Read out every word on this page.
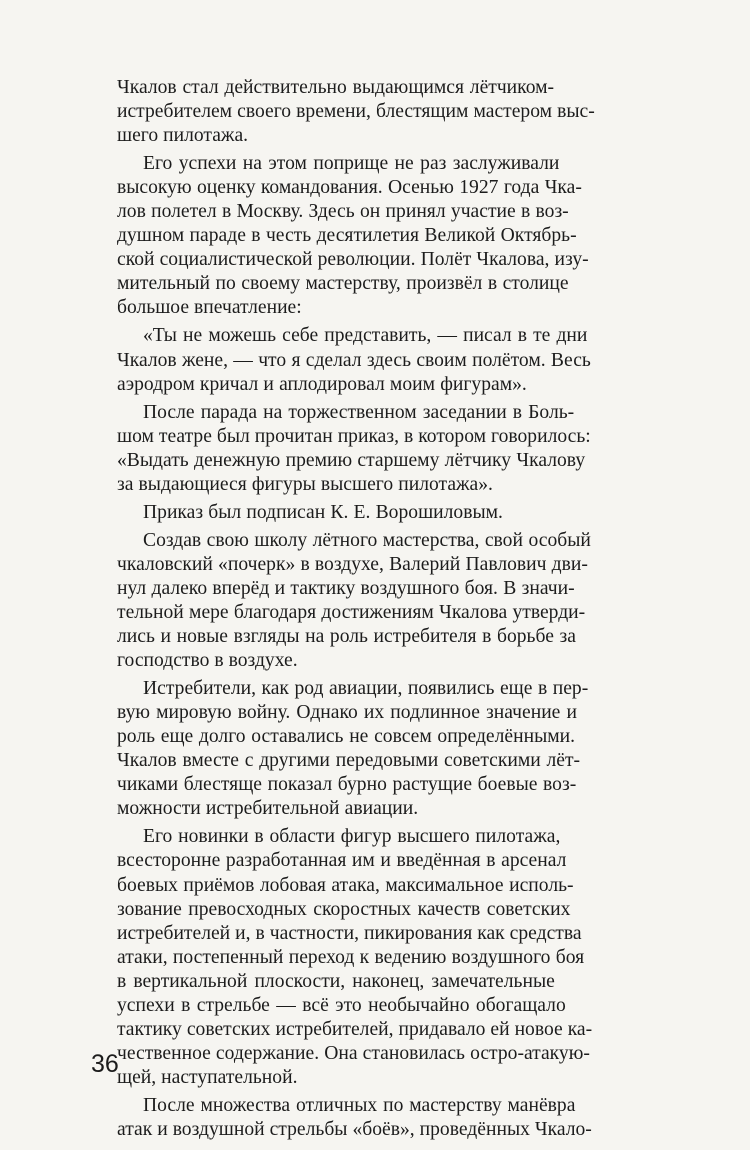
Чкалов стал действительно выдающимся лётчиком-
истребителем своего времени, блестящим мастером выс-
шего пилотажа.
Его успехи на этом поприще не раз заслуживали
высокую оценку командования. Осенью 1927 года Чка-
лов полетел в Москву. Здесь он принял участие в воз-
душном параде в честь десятилетия Великой Октябрь-
ской социалистической революции. Полёт Чкалова, изу-
мительный по своему мастерству, произвёл в столице
большое впечатление:
«Ты не можешь себе представить, — писал в те дни
Чкалов жене, — что я сделал здесь своим полётом. Весь
аэродром кричал и аплодировал моим фигурам».
После парада на торжественном заседании в Боль-
шом театре был прочитан приказ, в котором говорилось:
«Выдать денежную премию старшему лётчику Чкалову
за выдающиеся фигуры высшего пилотажа».
Приказ был подписан К. Е. Ворошиловым.
Создав свою школу лётного мастерства, свой особый
чкаловский «почерк» в воздухе, Валерий Павлович дви-
нул далеко вперёд и тактику воздушного боя. В значи-
тельной мере благодаря достижениям Чкалова утверди-
лись и новые взгляды на роль истребителя в борьбе за
господство в воздухе.
Истребители, как род авиации, появились еще в пер-
вую мировую войну. Однако их подлинное значение и
роль еще долго оставались не совсем определёнными.
Чкалов вместе с другими передовыми советскими лёт-
чиками блестяще показал бурно растущие боевые воз-
можности истребительной авиации.
Его новинки в области фигур высшего пилотажа,
всесторонне разработанная им и введённая в арсенал
боевых приёмов лобовая атака, максимальное исполь-
зование превосходных скоростных качеств советских
истребителей и, в частности, пикирования как средства
атаки, постепенный переход к ведению воздушного боя
в вертикальной плоскости, наконец, замечательные
успехи в стрельбе — всё это необычайно обогащало
тактику советских истребителей, придавало ей новое ка-
чественное содержание. Она становилась остро-атакую-
щей, наступательной.
После множества отличных по мастерству манёвра
атак и воздушной стрельбы «боёв», проведённых Чкало-
36
